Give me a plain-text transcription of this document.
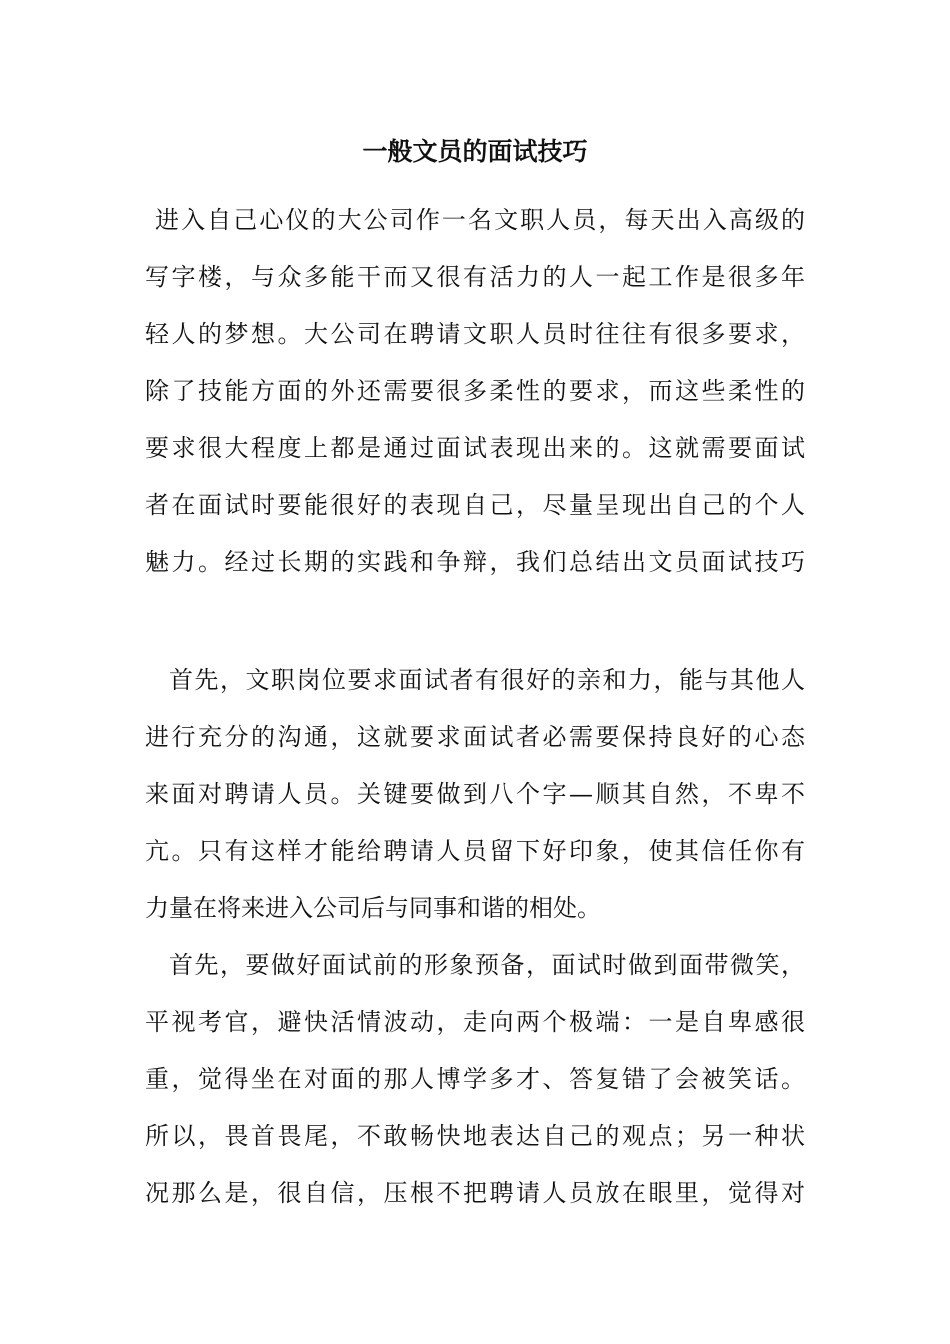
一般文员的面试技巧
进入自己心仪的大公司作一名文职人员，每天出入高级的
写字楼，与众多能干而又很有活力的人一起工作是很多年
轻人的梦想。大公司在聘请文职人员时往往有很多要求，
除了技能方面的外还需要很多柔性的要求，而这些柔性的
要求很大程度上都是通过面试表现出来的。这就需要面试
者在面试时要能很好的表现自己，尽量呈现出自己的个人
魅力。经过长期的实践和争辩，我们总结出文员面试技巧
首先，文职岗位要求面试者有很好的亲和力，能与其他人
进行充分的沟通，这就要求面试者必需要保持良好的心态
来面对聘请人员。关键要做到八个字—顺其自然，不卑不
亢。只有这样才能给聘请人员留下好印象，使其信任你有
力量在将来进入公司后与同事和谐的相处。
首先，要做好面试前的形象预备，面试时做到面带微笑，
平视考官，避快活情波动，走向两个极端：一是自卑感很
重，觉得坐在对面的那人博学多才、答复错了会被笑话。
所以，畏首畏尾，不敢畅快地表达自己的观点；另一种状
况那么是，很自信，压根不把聘请人员放在眼里，觉得对
